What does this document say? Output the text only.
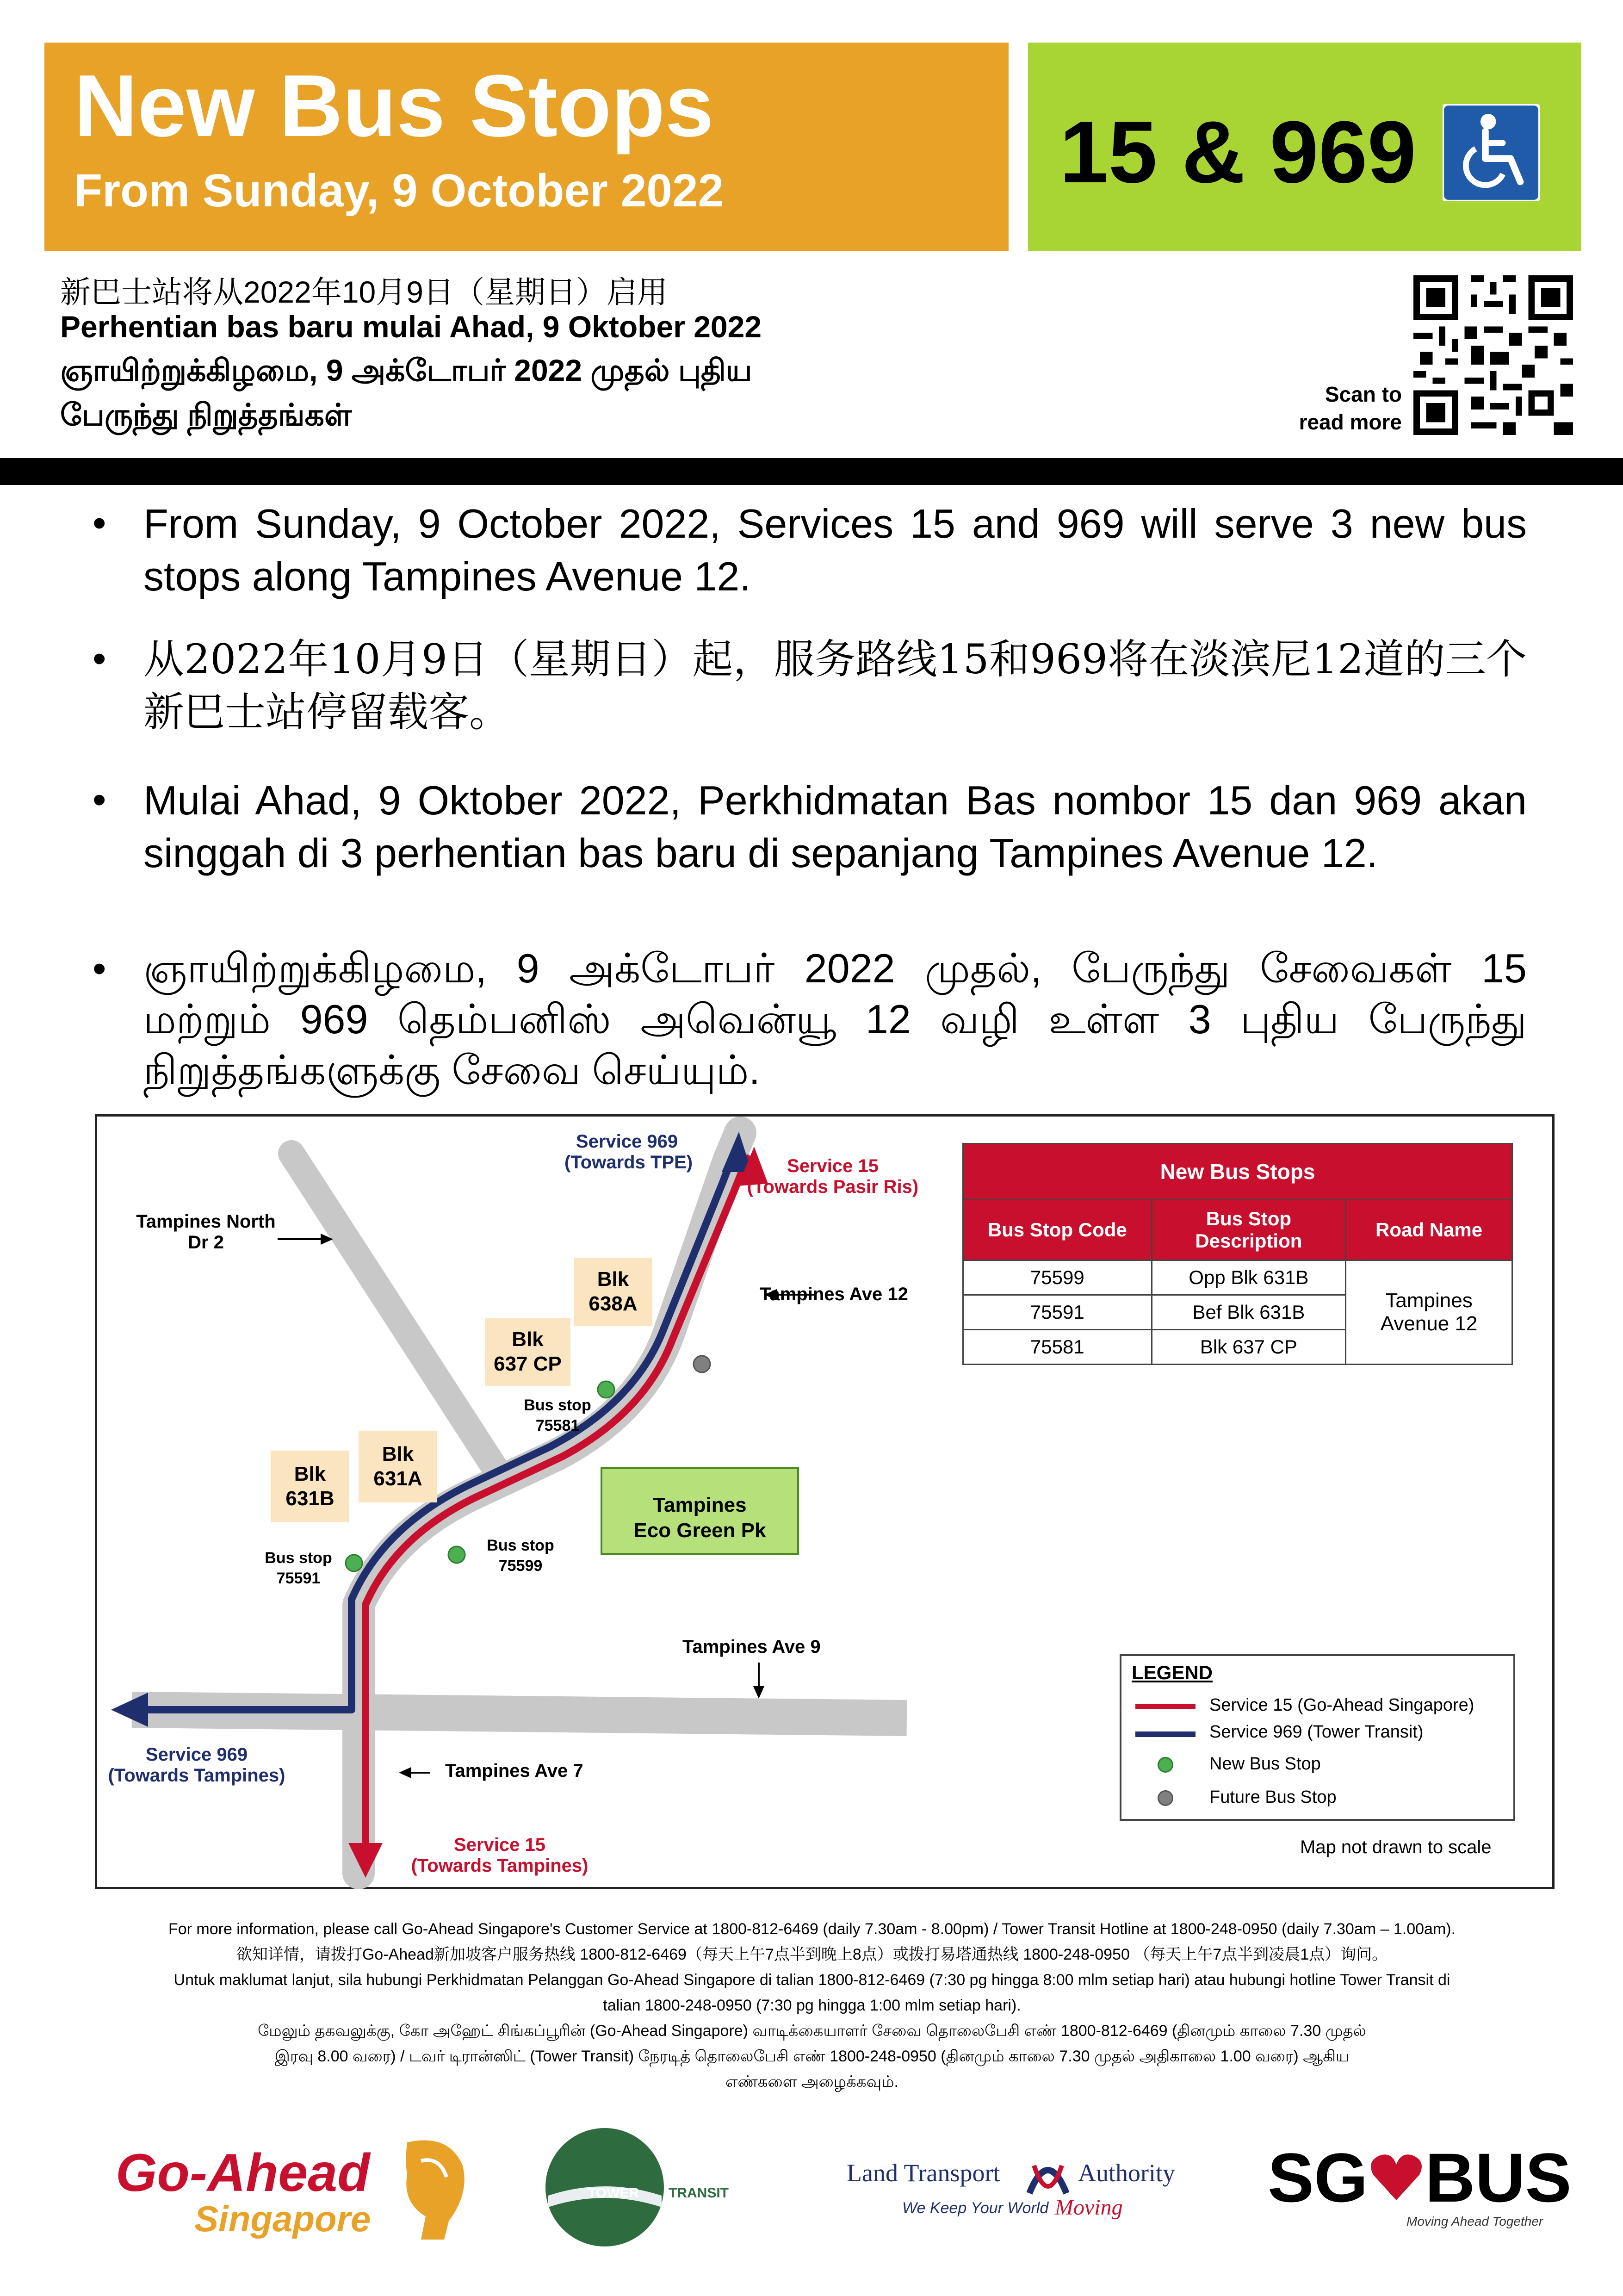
New Bus Stops
From Sunday, 9 October 2022	15 & 969
新巴士站将从2022年10月9日（星期日）启用
Perhentian bas baru mulai Ahad, 9 Oktober 2022
ஞாயிற்றுக்கிழமை, 9 அக்டோபர் 2022 முதல் புதிய
பேருந்து நிறுத்தங்கள்
Scan to
read more
• From Sunday, 9 October 2022, Services 15 and 969 will serve 3 new bus stops along Tampines Avenue 12.
• 从2022年10月9日（星期日）起，服务路线15和969将在淡滨尼12道的三个新巴士站停留载客。
• Mulai Ahad, 9 Oktober 2022, Perkhidmatan Bas nombor 15 dan 969 akan singgah di 3 perhentian bas baru di sepanjang Tampines Avenue 12.
• ஞாயிற்றுக்கிழமை, 9 அக்டோபர் 2022 முதல், பேருந்து சேவைகள் 15 மற்றும் 969 தெம்பனிஸ் அவென்யூ 12 வழி உள்ள 3 புதிய பேருந்து நிறுத்தங்களுக்கு சேவை செய்யும்.
Service 969
(Towards TPE)	Service 15
(Towards Pasir Ris)
Tampines North
Dr 2
Tampines Ave 12
Tampines Ave 9
Tampines Ave 7
Service 969
(Towards Tampines)
Service 15
(Towards Tampines)
Blk
638A
Blk
637 CP
Blk
631A
Blk
631B	Tampines
Eco Green Pk
Bus stop
75581
Bus stop
75599
Bus stop
75591
Map not drawn to scale
New Bus Stops		
Bus Stop Code	Bus Stop Description	Road Name
75599	Opp Blk 631B	Tampines
Avenue 12

75591	Bef Blk 631B	
75581	Blk 637 CP	
LEGEND
Service 15 (Go-Ahead Singapore)
Service 969 (Tower Transit)
New Bus Stop
Future Bus Stop
For more information, please call Go-Ahead Singapore's Customer Service at 1800-812-6469 (daily 7.30am - 8.00pm) / Tower Transit Hotline at 1800-248-0950 (daily 7.30am – 1.00am).
欲知详情，请拨打Go-Ahead新加坡客户服务热线 1800-812-6469（每天上午7点半到晚上8点）或拨打易塔通热线 1800-248-0950 （每天上午7点半到凌晨1点）询问。
Untuk maklumat lanjut, sila hubungi Perkhidmatan Pelanggan Go-Ahead Singapore di talian 1800-812-6469 (7:30 pg hingga 8:00 mlm setiap hari) atau hubungi hotline Tower Transit di
talian 1800-248-0950 (7:30 pg hingga 1:00 mlm setiap hari).
மேலும் தகவலுக்கு, கோ அஹேட் சிங்கப்பூரின் (Go-Ahead Singapore) வாடிக்கையாளர் சேவை தொலைபேசி எண் 1800-812-6469 (தினமும் காலை 7.30 முதல்
இரவு 8.00 வரை) / டவர் டிரான்ஸிட் (Tower Transit) நேரடித் தொலைபேசி எண் 1800-248-0950 (தினமும் காலை 7.30 முதல் அதிகாலை 1.00 வரை) ஆகிய
எண்களை அழைக்கவும்.
Go-Ahead
Singapore
TOWER TRANSIT
Land Transport	Authority
We Keep Your World Moving SG BUS
Moving Ahead Together
